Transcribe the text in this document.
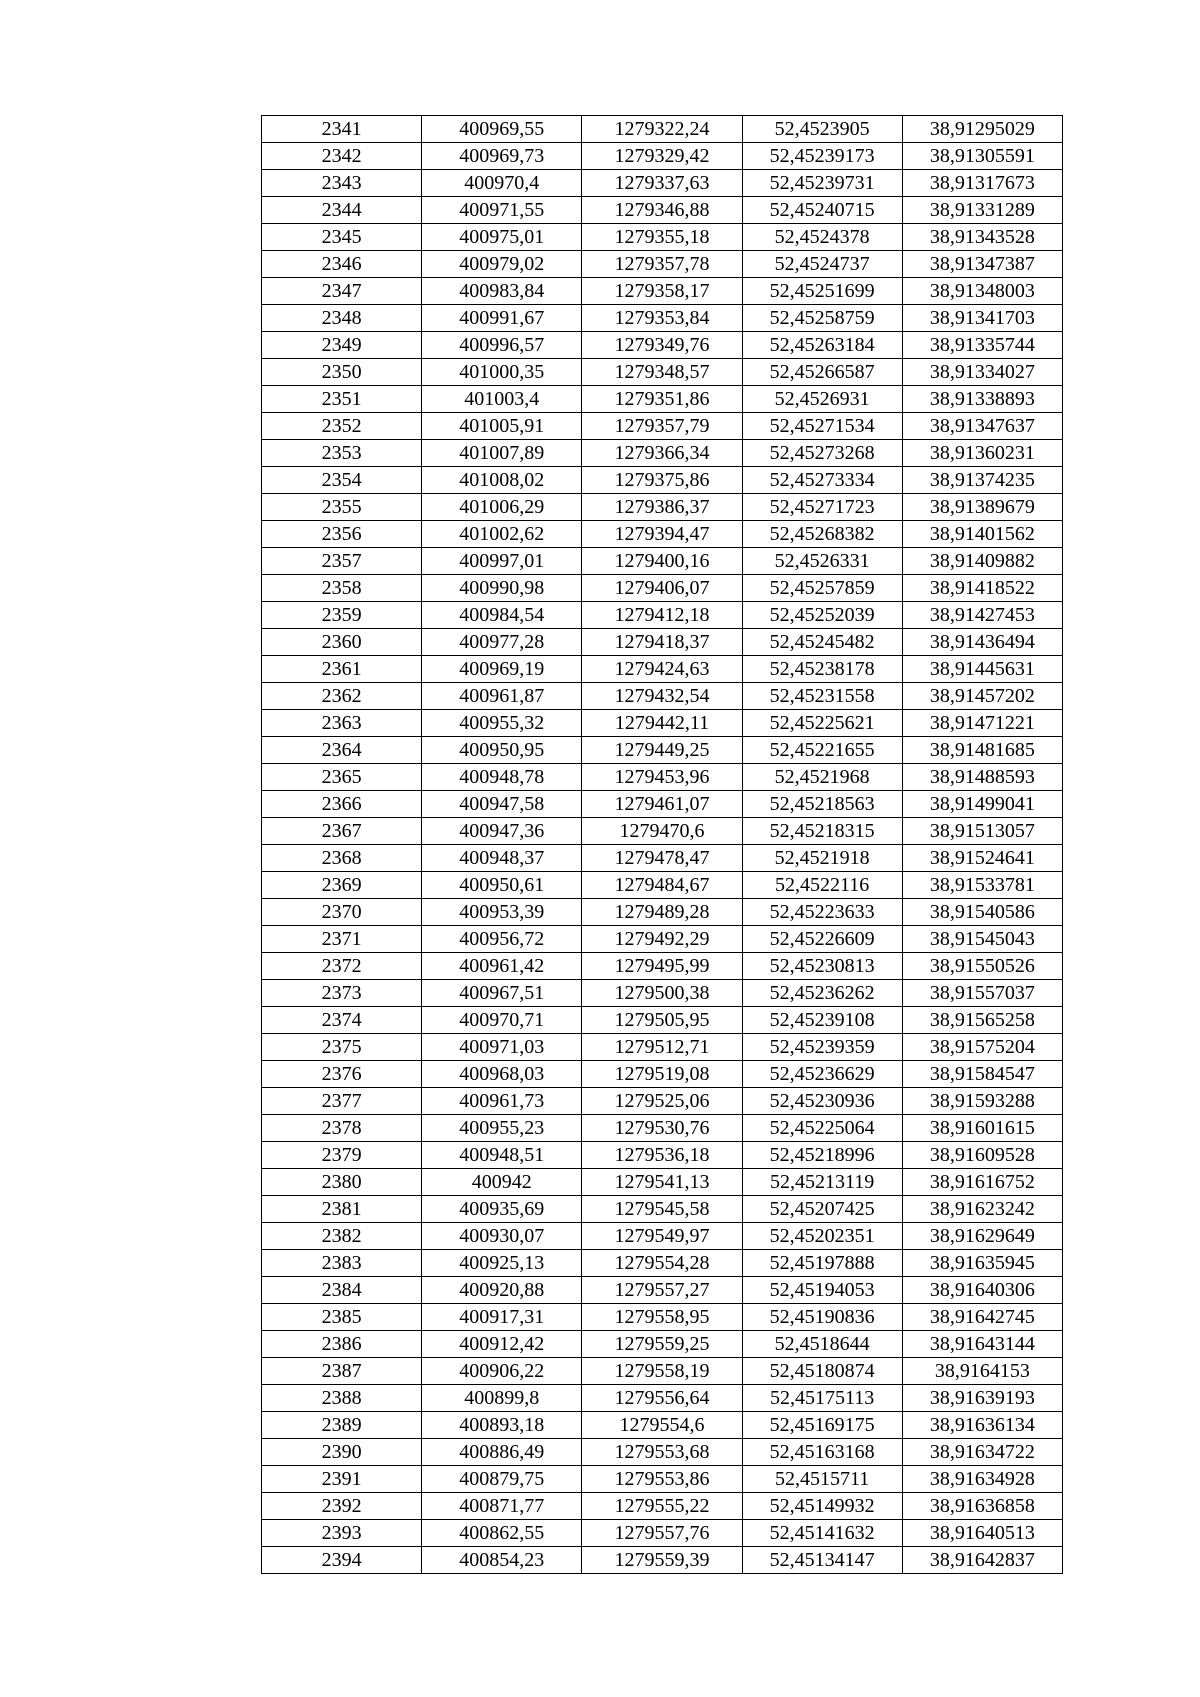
2341	400969,55	1279322,24	52,4523905	38,91295029
2342	400969,73	1279329,42	52,45239173	38,91305591
2343	400970,4	1279337,63	52,45239731	38,91317673
2344	400971,55	1279346,88	52,45240715	38,91331289
2345	400975,01	1279355,18	52,4524378	38,91343528
2346	400979,02	1279357,78	52,4524737	38,91347387
2347	400983,84	1279358,17	52,45251699	38,91348003
2348	400991,67	1279353,84	52,45258759	38,91341703
2349	400996,57	1279349,76	52,45263184	38,91335744
2350	401000,35	1279348,57	52,45266587	38,91334027
2351	401003,4	1279351,86	52,4526931	38,91338893
2352	401005,91	1279357,79	52,45271534	38,91347637
2353	401007,89	1279366,34	52,45273268	38,91360231
2354	401008,02	1279375,86	52,45273334	38,91374235
2355	401006,29	1279386,37	52,45271723	38,91389679
2356	401002,62	1279394,47	52,45268382	38,91401562
2357	400997,01	1279400,16	52,4526331	38,91409882
2358	400990,98	1279406,07	52,45257859	38,91418522
2359	400984,54	1279412,18	52,45252039	38,91427453
2360	400977,28	1279418,37	52,45245482	38,91436494
2361	400969,19	1279424,63	52,45238178	38,91445631
2362	400961,87	1279432,54	52,45231558	38,91457202
2363	400955,32	1279442,11	52,45225621	38,91471221
2364	400950,95	1279449,25	52,45221655	38,91481685
2365	400948,78	1279453,96	52,4521968	38,91488593
2366	400947,58	1279461,07	52,45218563	38,91499041
2367	400947,36	1279470,6	52,45218315	38,91513057
2368	400948,37	1279478,47	52,4521918	38,91524641
2369	400950,61	1279484,67	52,4522116	38,91533781
2370	400953,39	1279489,28	52,45223633	38,91540586
2371	400956,72	1279492,29	52,45226609	38,91545043
2372	400961,42	1279495,99	52,45230813	38,91550526
2373	400967,51	1279500,38	52,45236262	38,91557037
2374	400970,71	1279505,95	52,45239108	38,91565258
2375	400971,03	1279512,71	52,45239359	38,91575204
2376	400968,03	1279519,08	52,45236629	38,91584547
2377	400961,73	1279525,06	52,45230936	38,91593288
2378	400955,23	1279530,76	52,45225064	38,91601615
2379	400948,51	1279536,18	52,45218996	38,91609528
2380	400942	1279541,13	52,45213119	38,91616752
2381	400935,69	1279545,58	52,45207425	38,91623242
2382	400930,07	1279549,97	52,45202351	38,91629649
2383	400925,13	1279554,28	52,45197888	38,91635945
2384	400920,88	1279557,27	52,45194053	38,91640306
2385	400917,31	1279558,95	52,45190836	38,91642745
2386	400912,42	1279559,25	52,4518644	38,91643144
2387	400906,22	1279558,19	52,45180874	38,9164153
2388	400899,8	1279556,64	52,45175113	38,91639193
2389	400893,18	1279554,6	52,45169175	38,91636134
2390	400886,49	1279553,68	52,45163168	38,91634722
2391	400879,75	1279553,86	52,4515711	38,91634928
2392	400871,77	1279555,22	52,45149932	38,91636858
2393	400862,55	1279557,76	52,45141632	38,91640513
2394	400854,23	1279559,39	52,45134147	38,91642837
